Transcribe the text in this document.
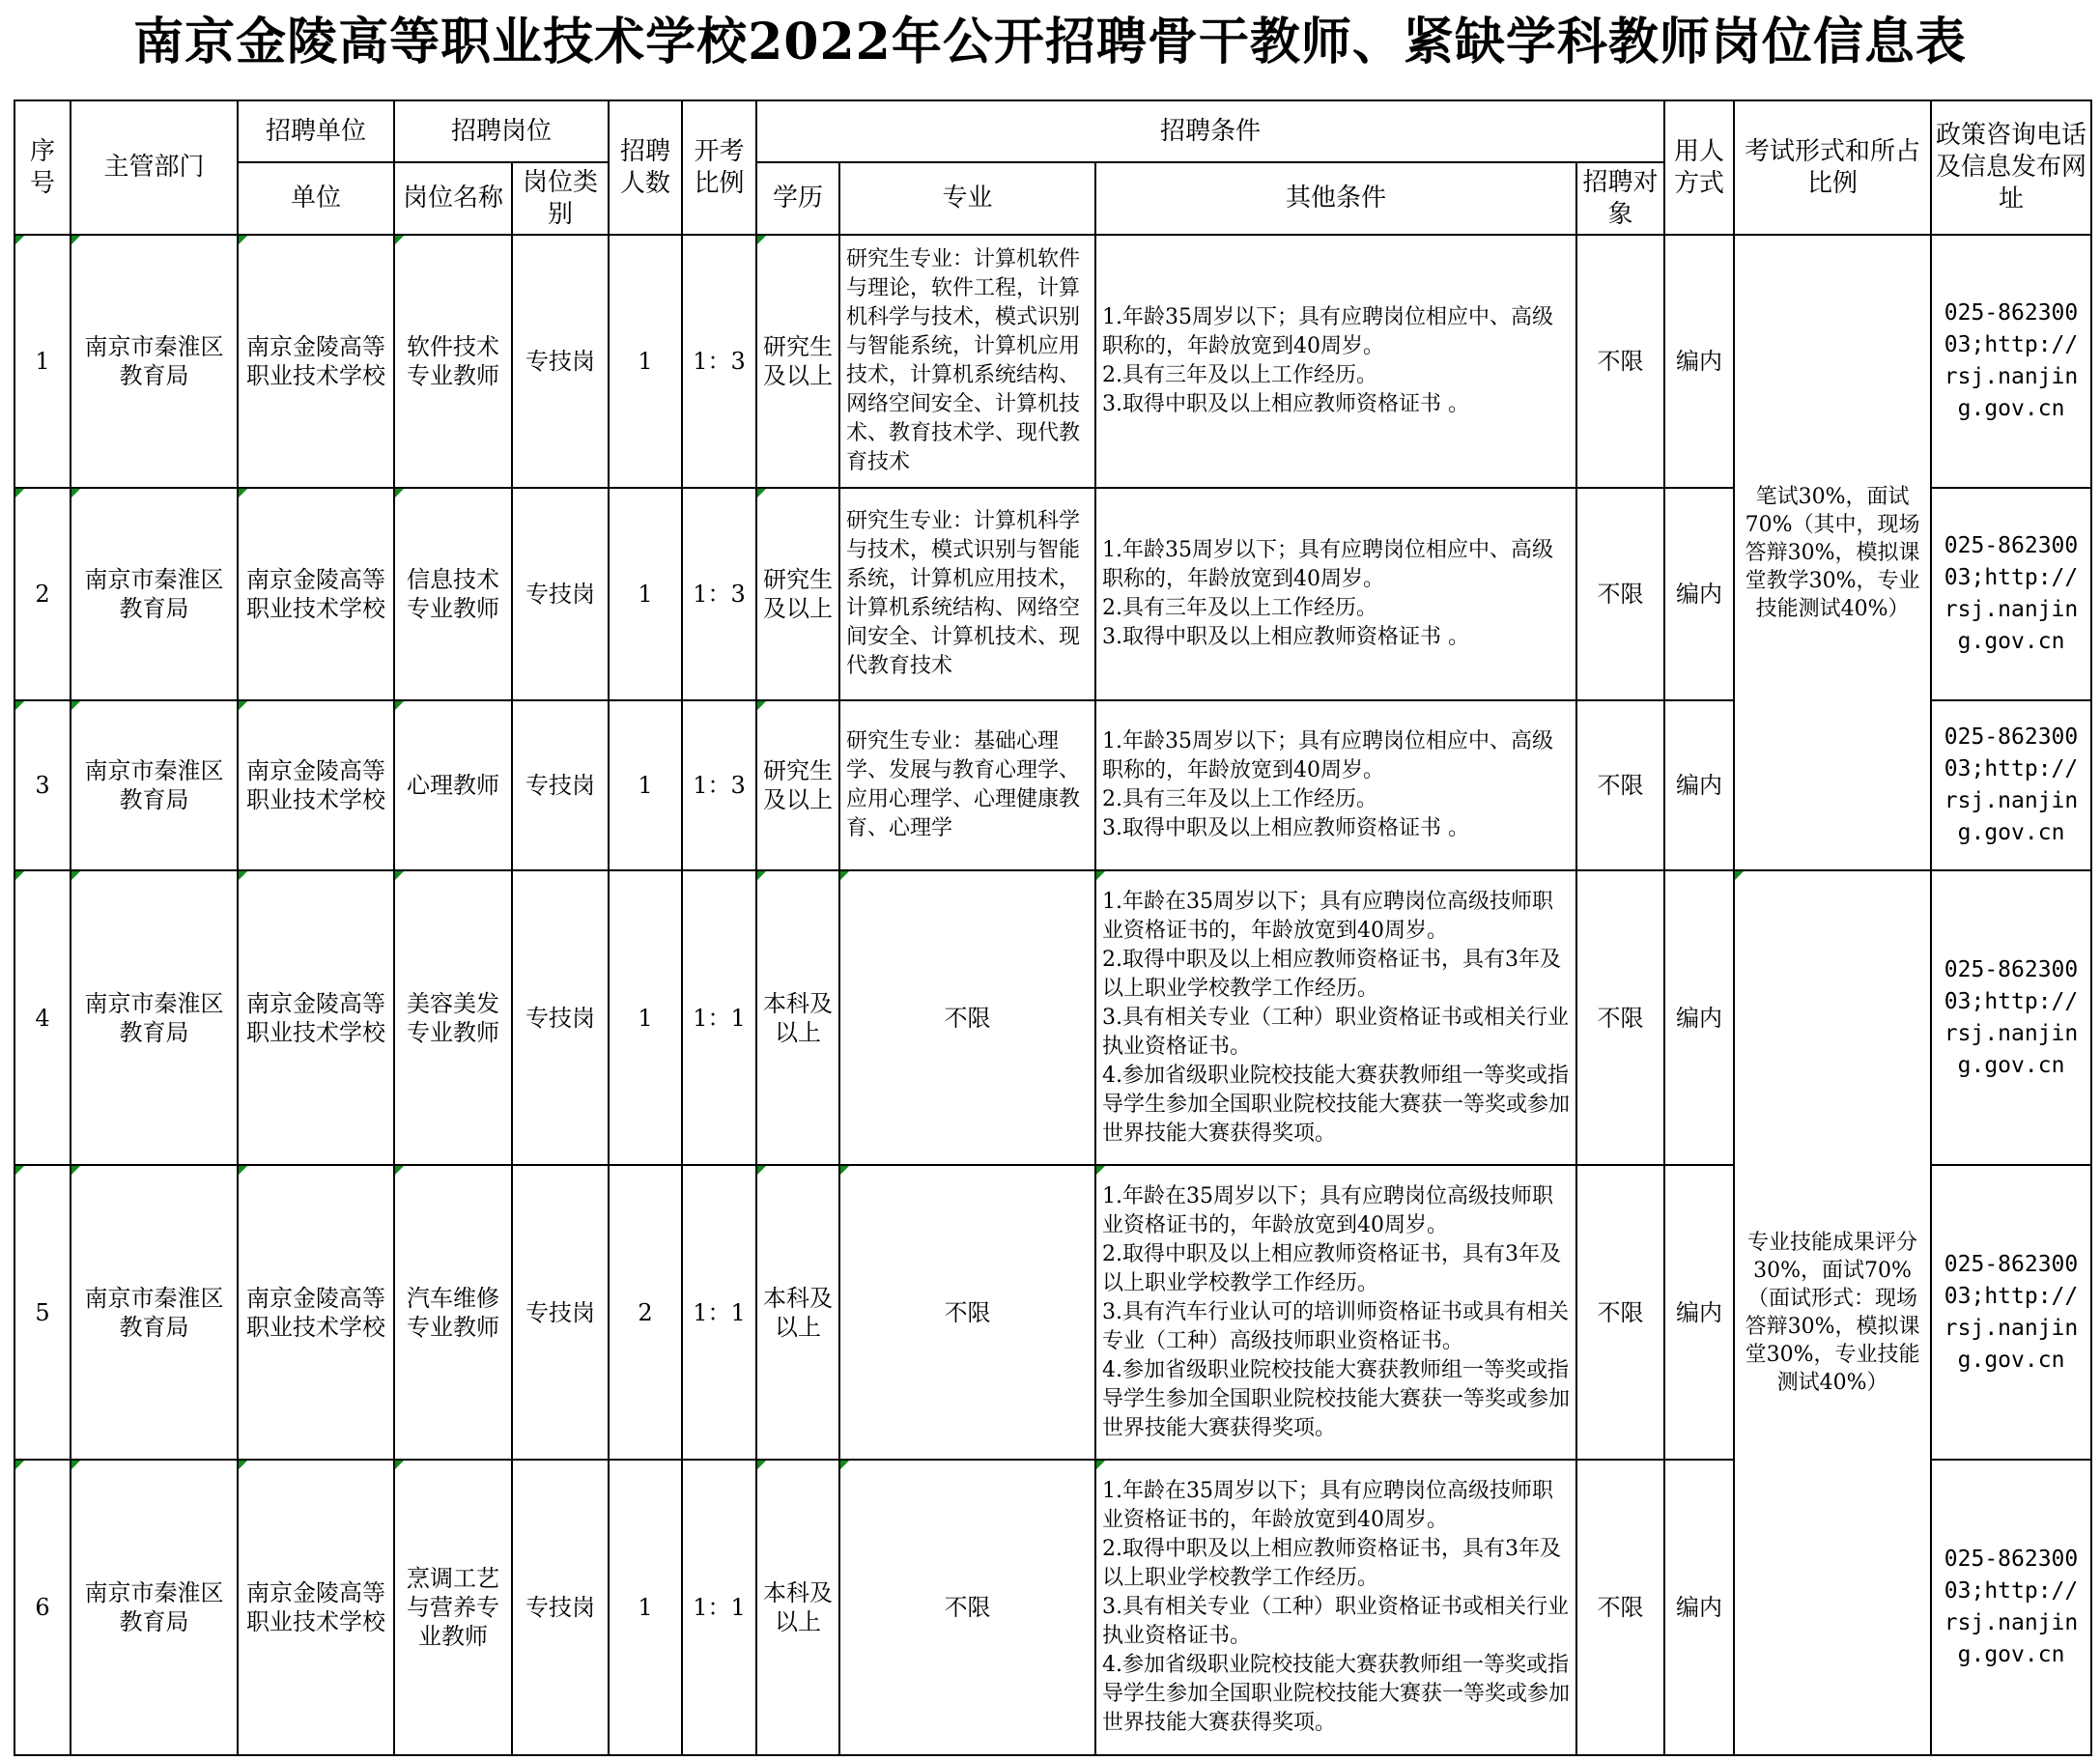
南京金陵高等职业技术学校2022年公开招聘骨干教师、紧缺学科教师岗位信息表
序号	主管部门	招聘单位	招聘岗位		招聘人数	开考比例	招聘条件				用人方式	考试形式和所占比例	政策咨询电话及信息发布网址
		单位	岗位名称	岗位类别			学历	专业	其他条件	招聘对象			
1	南京市秦淮区教育局	南京金陵高等职业技术学校	软件技术专业教师	专技岗	1	1：3	研究生及以上	研究生专业：计算机软件与理论，软件工程，计算机科学与技术，模式识别与智能系统，计算机应用技术，计算机系统结构、网络空间安全、计算机技术、教育技术学、现代教育技术	1.年龄35周岁以下；具有应聘岗位相应中、高级职称的，年龄放宽到40周岁。
2.具有三年及以上工作经历。
3.取得中职及以上相应教师资格证书 。	不限	编内	笔试30%，面试70%（其中，现场答辩30%，模拟课堂教学30%，专业技能测试40%）	025-86230003;http://rsj.nanjing.gov.cn
2	南京市秦淮区教育局	南京金陵高等职业技术学校	信息技术专业教师	专技岗	1	1：3	研究生及以上	研究生专业：计算机科学与技术，模式识别与智能系统，计算机应用技术，计算机系统结构、网络空间安全、计算机技术、现代教育技术	1.年龄35周岁以下；具有应聘岗位相应中、高级职称的，年龄放宽到40周岁。
2.具有三年及以上工作经历。
3.取得中职及以上相应教师资格证书 。	不限	编内		025-86230003;http://rsj.nanjing.gov.cn
3	南京市秦淮区教育局	南京金陵高等职业技术学校	心理教师	专技岗	1	1：3	研究生及以上	研究生专业：基础心理学、发展与教育心理学、应用心理学、心理健康教育、心理学	1.年龄35周岁以下；具有应聘岗位相应中、高级职称的，年龄放宽到40周岁。
2.具有三年及以上工作经历。
3.取得中职及以上相应教师资格证书 。	不限	编内		025-86230003;http://rsj.nanjing.gov.cn
4	南京市秦淮区教育局	南京金陵高等职业技术学校	美容美发专业教师	专技岗	1	1：1	本科及以上	不限	1.年龄在35周岁以下；具有应聘岗位高级技师职业资格证书的，年龄放宽到40周岁。
2.取得中职及以上相应教师资格证书，具有3年及以上职业学校教学工作经历。
3.具有相关专业（工种）职业资格证书或相关行业执业资格证书。
4.参加省级职业院校技能大赛获教师组一等奖或指导学生参加全国职业院校技能大赛获一等奖或参加世界技能大赛获得奖项。	不限	编内	专业技能成果评分30%，面试70%（面试形式：现场答辩30%，模拟课堂30%，专业技能测试40%）	025-86230003;http://rsj.nanjing.gov.cn
5	南京市秦淮区教育局	南京金陵高等职业技术学校	汽车维修专业教师	专技岗	2	1：1	本科及以上	不限	1.年龄在35周岁以下；具有应聘岗位高级技师职业资格证书的，年龄放宽到40周岁。
2.取得中职及以上相应教师资格证书，具有3年及以上职业学校教学工作经历。
3.具有汽车行业认可的培训师资格证书或具有相关专业（工种）高级技师职业资格证书。
4.参加省级职业院校技能大赛获教师组一等奖或指导学生参加全国职业院校技能大赛获一等奖或参加世界技能大赛获得奖项。	不限	编内		025-86230003;http://rsj.nanjing.gov.cn
6	南京市秦淮区教育局	南京金陵高等职业技术学校	烹调工艺与营养专业教师	专技岗	1	1：1	本科及以上	不限	1.年龄在35周岁以下；具有应聘岗位高级技师职业资格证书的，年龄放宽到40周岁。
2.取得中职及以上相应教师资格证书，具有3年及以上职业学校教学工作经历。
3.具有相关专业（工种）职业资格证书或相关行业执业资格证书。
4.参加省级职业院校技能大赛获教师组一等奖或指导学生参加全国职业院校技能大赛获一等奖或参加世界技能大赛获得奖项。	不限	编内		025-86230003;http://rsj.nanjing.gov.cn
